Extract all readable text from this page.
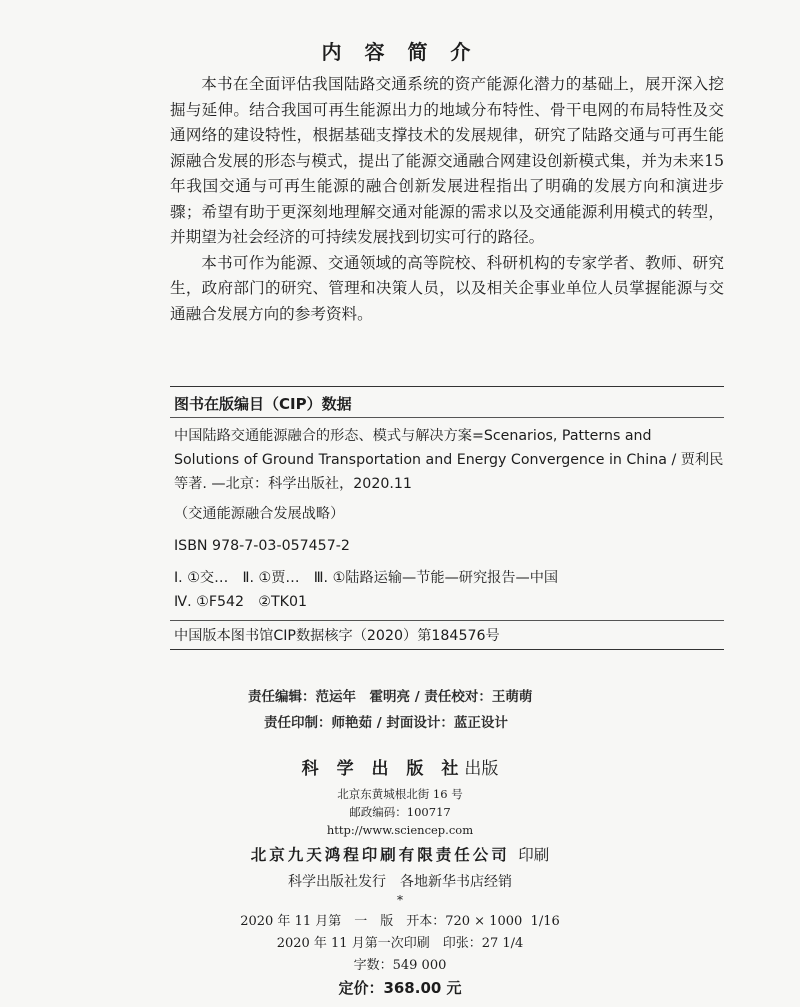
内 容 简 介

本书在全面评估我国陆路交通系统的资产能源化潜力的基础上，展开深入挖掘与延伸。结合我国可再生能源出力的地域分布特性、骨干电网的布局特性及交通网络的建设特性，根据基础支撑技术的发展规律，研究了陆路交通与可再生能源融合发展的形态与模式，提出了能源交通融合网建设创新模式集，并为未来15年我国交通与可再生能源的融合创新发展进程指出了明确的发展方向和演进步骤；希望有助于更深刻地理解交通对能源的需求以及交通能源利用模式的转型，并期望为社会经济的可持续发展找到切实可行的路径。

本书可作为能源、交通领域的高等院校、科研机构的专家学者、教师、研究生，政府部门的研究、管理和决策人员，以及相关企事业单位人员掌握能源与交通融合发展方向的参考资料。

图书在版编目（CIP）数据
中国陆路交通能源融合的形态、模式与解决方案=Scenarios, Patterns and
Solutions of Ground Transportation and Energy Convergence in China / 贾利民
等著. —北京：科学出版社，2020.11
（交通能源融合发展战略）
ISBN 978-7-03-057457-2
Ⅰ. ①交…　Ⅱ. ①贾…　Ⅲ. ①陆路运输—节能—研究报告—中国
Ⅳ. ①F542　②TK01
中国版本图书馆CIP数据核字（2020）第184576号
责任编辑：范运年　霍明亮 / 责任校对：王萌萌
责任印制：师艳茹 / 封面设计：蓝正设计
科 学 出 版 社出版
北京东黄城根北街 16 号
邮政编码：100717
http://www.sciencep.com
北京九天鸿程印刷有限责任公司 印刷
科学出版社发行　各地新华书店经销
*
2020 年 11 月第　一　版　开本：720 × 1000  1/16
2020 年 11 月第一次印刷　印张：27 1/4
字数：549 000
定价：368.00 元
